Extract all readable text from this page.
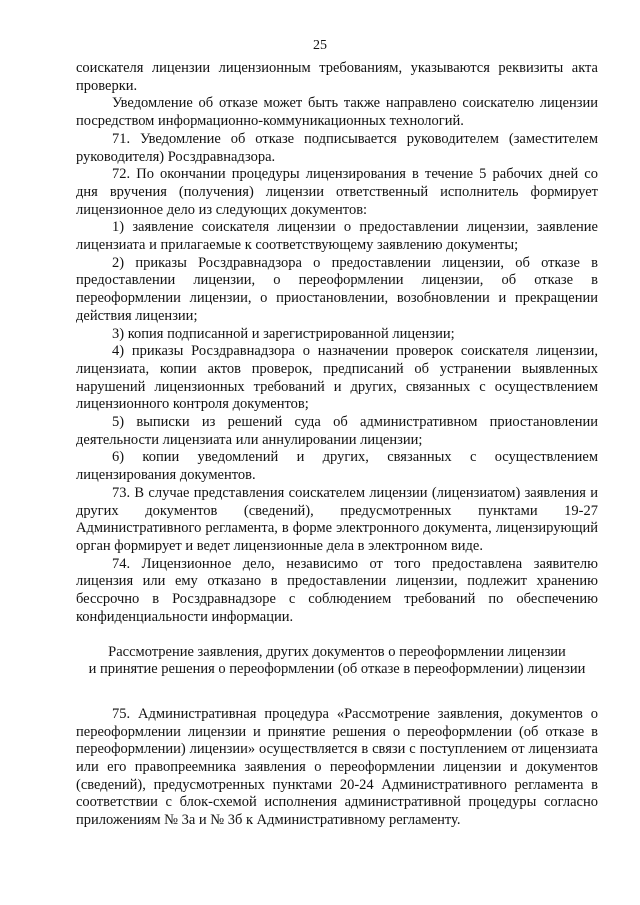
25

соискателя лицензии лицензионным требованиям, указываются реквизиты акта проверки.

Уведомление об отказе может быть также направлено соискателю лицензии посредством информационно-коммуникационных технологий.

71. Уведомление об отказе подписывается руководителем (заместителем руководителя) Росздравнадзора.

72. По окончании процедуры лицензирования в течение 5 рабочих дней со дня вручения (получения) лицензии ответственный исполнитель формирует лицензионное дело из следующих документов:

1) заявление соискателя лицензии о предоставлении лицензии, заявление лицензиата и прилагаемые к соответствующему заявлению документы;

2) приказы Росздравнадзора о предоставлении лицензии, об отказе в предоставлении лицензии, о переоформлении лицензии, об отказе в переоформлении лицензии, о приостановлении, возобновлении и прекращении действия лицензии;

3) копия подписанной и зарегистрированной лицензии;

4) приказы Росздравнадзора о назначении проверок соискателя лицензии, лицензиата, копии актов проверок, предписаний об устранении выявленных нарушений лицензионных требований и других, связанных с осуществлением лицензионного контроля документов;

5) выписки из решений суда об административном приостановлении деятельности лицензиата или аннулировании лицензии;

6) копии уведомлений и других, связанных с осуществлением лицензирования документов.

73. В случае представления соискателем лицензии (лицензиатом) заявления и других документов (сведений), предусмотренных пунктами 19-27 Административного регламента, в форме электронного документа, лицензирующий орган формирует и ведет лицензионные дела в электронном виде.

74. Лицензионное дело, независимо от того предоставлена заявителю лицензия или ему отказано в предоставлении лицензии, подлежит хранению бессрочно в Росздравнадзоре с соблюдением требований по обеспечению конфиденциальности информации.

Рассмотрение заявления, других документов о переоформлении лицензии
и принятие решения о переоформлении (об отказе в переоформлении) лицензии

75. Административная процедура «Рассмотрение заявления, документов о переоформлении лицензии и принятие решения о переоформлении (об отказе в переоформлении) лицензии» осуществляется в связи с поступлением от лицензиата или его правопреемника заявления о переоформлении лицензии и документов (сведений), предусмотренных пунктами 20-24 Административного регламента в соответствии с блок-схемой исполнения административной процедуры согласно приложениям № 3а и № 3б к Административному регламенту.
